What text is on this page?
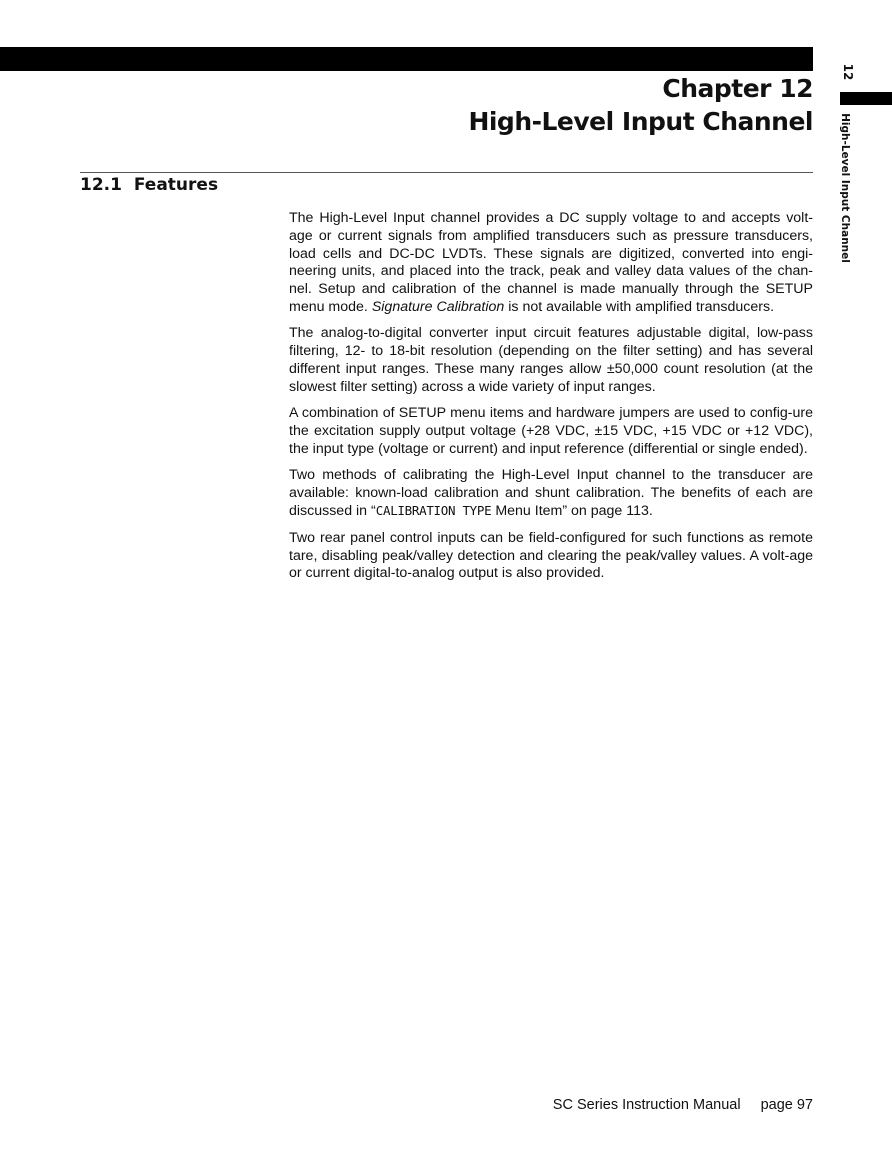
12
High-Level Input Channel
Chapter 12
High-Level Input Channel
12.1 Features

The High-Level Input channel provides a DC supply voltage to and accepts volt-age or current signals from amplified transducers such as pressure transducers, load cells and DC-DC LVDTs. These signals are digitized, converted into engi-neering units, and placed into the track, peak and valley data values of the chan-nel. Setup and calibration of the channel is made manually through the SETUP menu mode. Signature Calibration is not available with amplified transducers.

The analog-to-digital converter input circuit features adjustable digital, low-pass filtering, 12- to 18-bit resolution (depending on the filter setting) and has several different input ranges. These many ranges allow ±50,000 count resolution (at the slowest filter setting) across a wide variety of input ranges.

A combination of SETUP menu items and hardware jumpers are used to config-ure the excitation supply output voltage (+28 VDC, ±15 VDC, +15 VDC or +12 VDC), the input type (voltage or current) and input reference (differential or single ended).

Two methods of calibrating the High-Level Input channel to the transducer are available: known-load calibration and shunt calibration. The benefits of each are discussed in “CALIBRATION TYPE Menu Item” on page 113.

Two rear panel control inputs can be field-configured for such functions as remote tare, disabling peak/valley detection and clearing the peak/valley values. A volt-age or current digital-to-analog output is also provided.

SC Series Instruction Manual page 97
